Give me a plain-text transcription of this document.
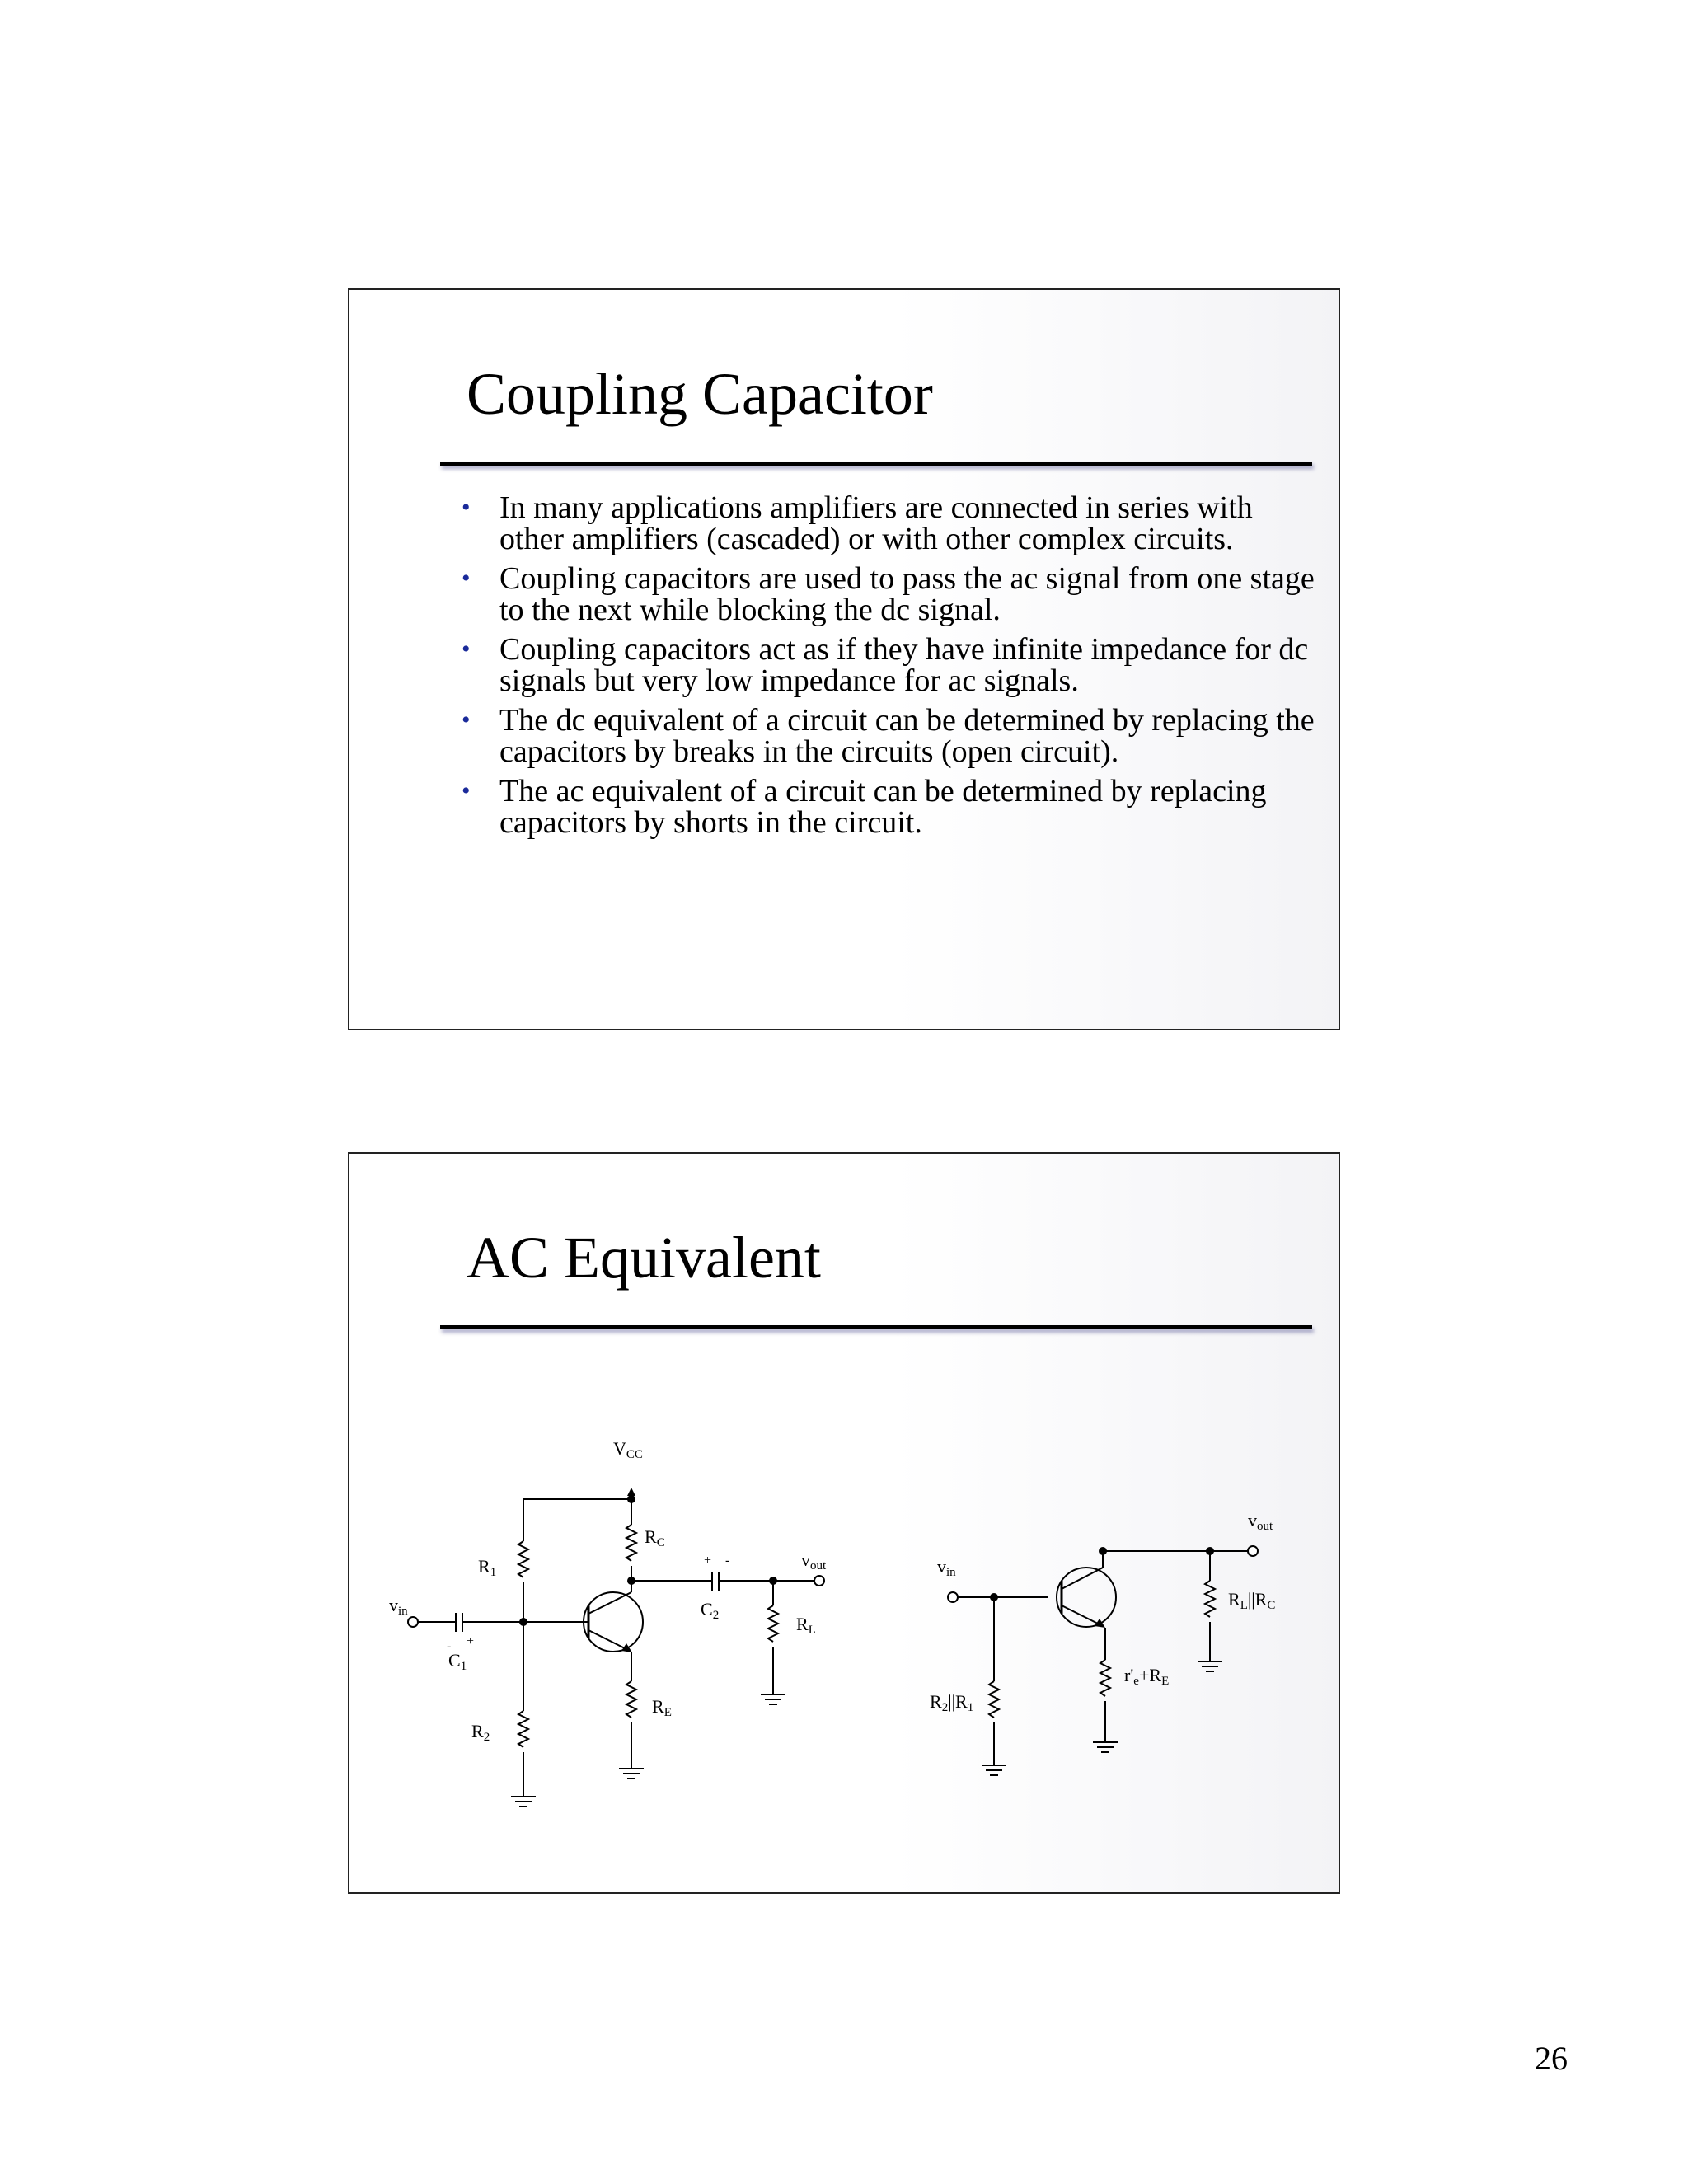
Coupling Capacitor
• In many applications amplifiers are connected in series with other amplifiers (cascaded) or with other complex circuits.
• Coupling capacitors are used to pass the ac signal from one stage to the next while blocking the dc signal.
• Coupling capacitors act as if they have infinite impedance for dc signals but very low impedance for ac signals.
• The dc equivalent of a circuit can be determined by replacing the capacitors by breaks in the circuits (open circuit).
• The ac equivalent of a circuit can be determined by replacing capacitors by shorts in the circuit.
AC Equivalent
VCC
RC
R1
R2
RE
RL
C1
C2
vin
vout
+ -
- +
vin
vout
RL||RC
R2||R1
r'e+RE
26
